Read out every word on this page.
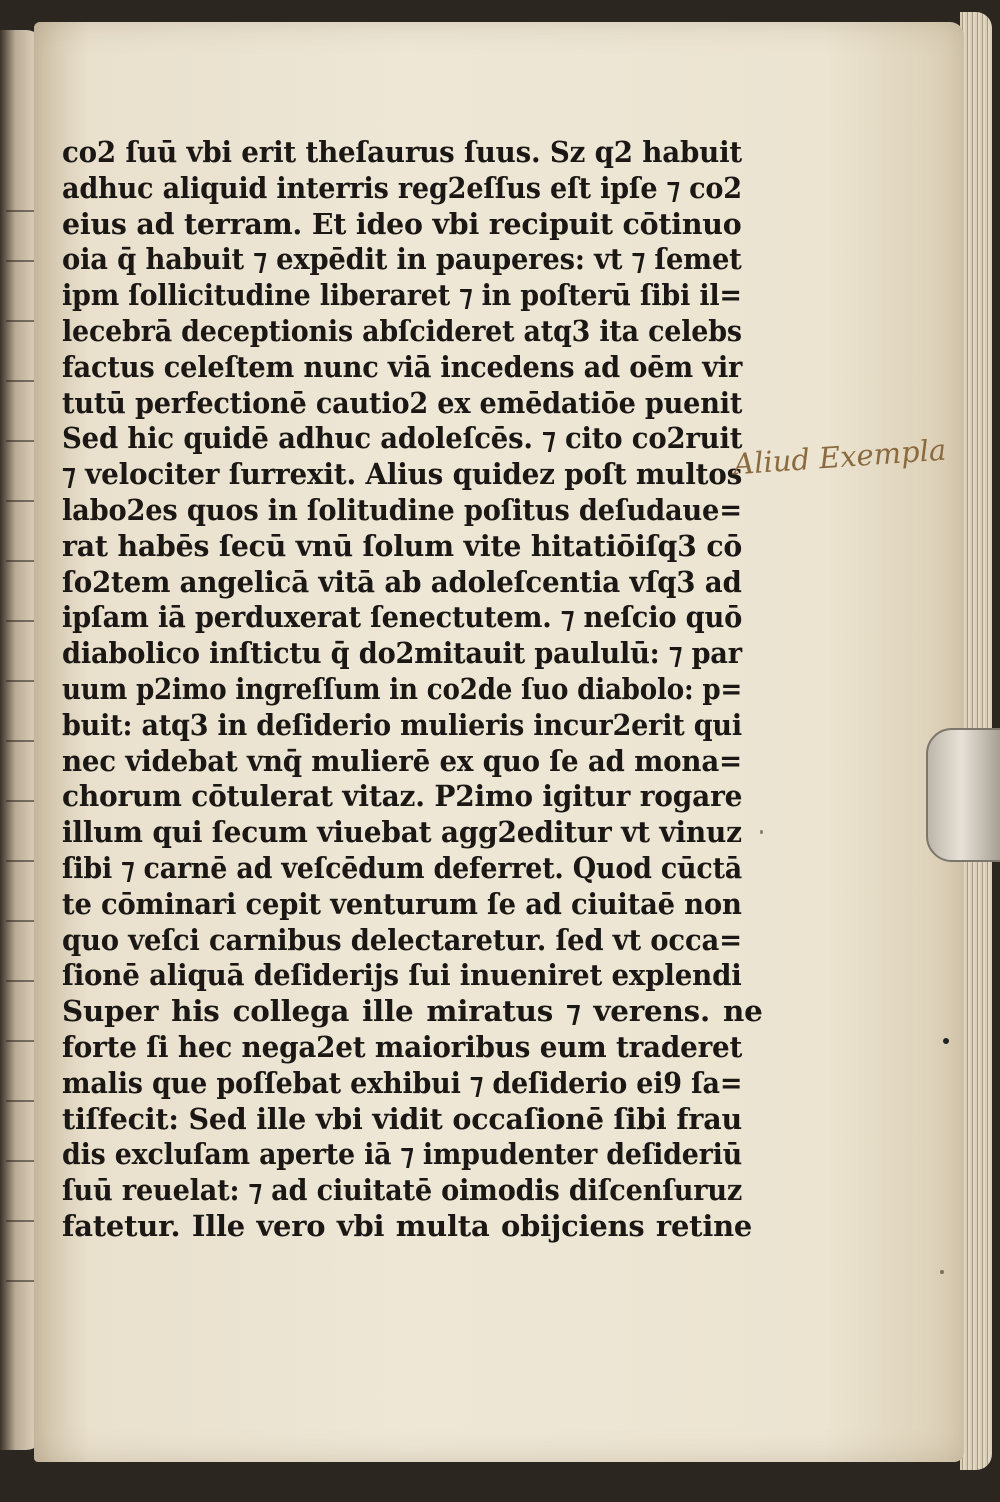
co2 ſuū vbi erit theſaurus ſuus. Sz q2 habuit
adhuc aliquid interris reg2eſſus eſt ipſe ⁊ co2
eius ad terram. Et ideo vbi recipuit cōtinuo
oia q̄ habuit ⁊ expēdit in pauperes: vt ⁊ ſemet
ipm ſollicitudine liberaret ⁊ in poſterū ſibi il=
lecebrā deceptionis abſcideret atq3 ita celebs
factus celeſtem nunc viā incedens ad oēm vir
tutū perfectionē cautio2 ex emēdatiōe puenit
Sed hic quidē adhuc adoleſcēs. ⁊ cito co2ruit
⁊ velociter ſurrexit. Alius quidez poſt multos
labo2es quos in ſolitudine poſitus deſudaue=
rat habēs ſecū vnū ſolum vite hitatiōiſq3 cō
ſo2tem angelicā vitā ab adoleſcentia vſq3 ad
ipſam iā perduxerat ſenectutem. ⁊ neſcio quō
diabolico inſtictu q̄ do2mitauit paululū: ⁊ par
uum p2imo ingreſſum in co2de ſuo diabolo: p=
buit: atq3 in deſiderio mulieris incur2erit qui
nec videbat vnq̄ mulierē ex quo ſe ad mona=
chorum cōtulerat vitaz. P2imo igitur rogare
illum qui ſecum viuebat agg2editur vt vinuz
ſibi ⁊ carnē ad veſcēdum deferret. Quod cūctā
te cōminari cepit venturum ſe ad ciuitaē non
quo veſci carnibus delectaretur. ſed vt occa=
ſionē aliquā deſiderijs ſui inueniret explendi
Super his collega ille miratus ⁊ verens. ne
forte ſi hec nega2et maioribus eum traderet
malis que poſſebat exhibui ⁊ deſiderio ei9 ſa=
tiſfecit: Sed ille vbi vidit occaſionē ſibi frau
dis excluſam aperte iā ⁊ impudenter deſideriū
ſuū reuelat: ⁊ ad ciuitatē oimodis diſcenſuruz
fatetur. Ille vero vbi multa obijciens retine
Aliud Exempla
